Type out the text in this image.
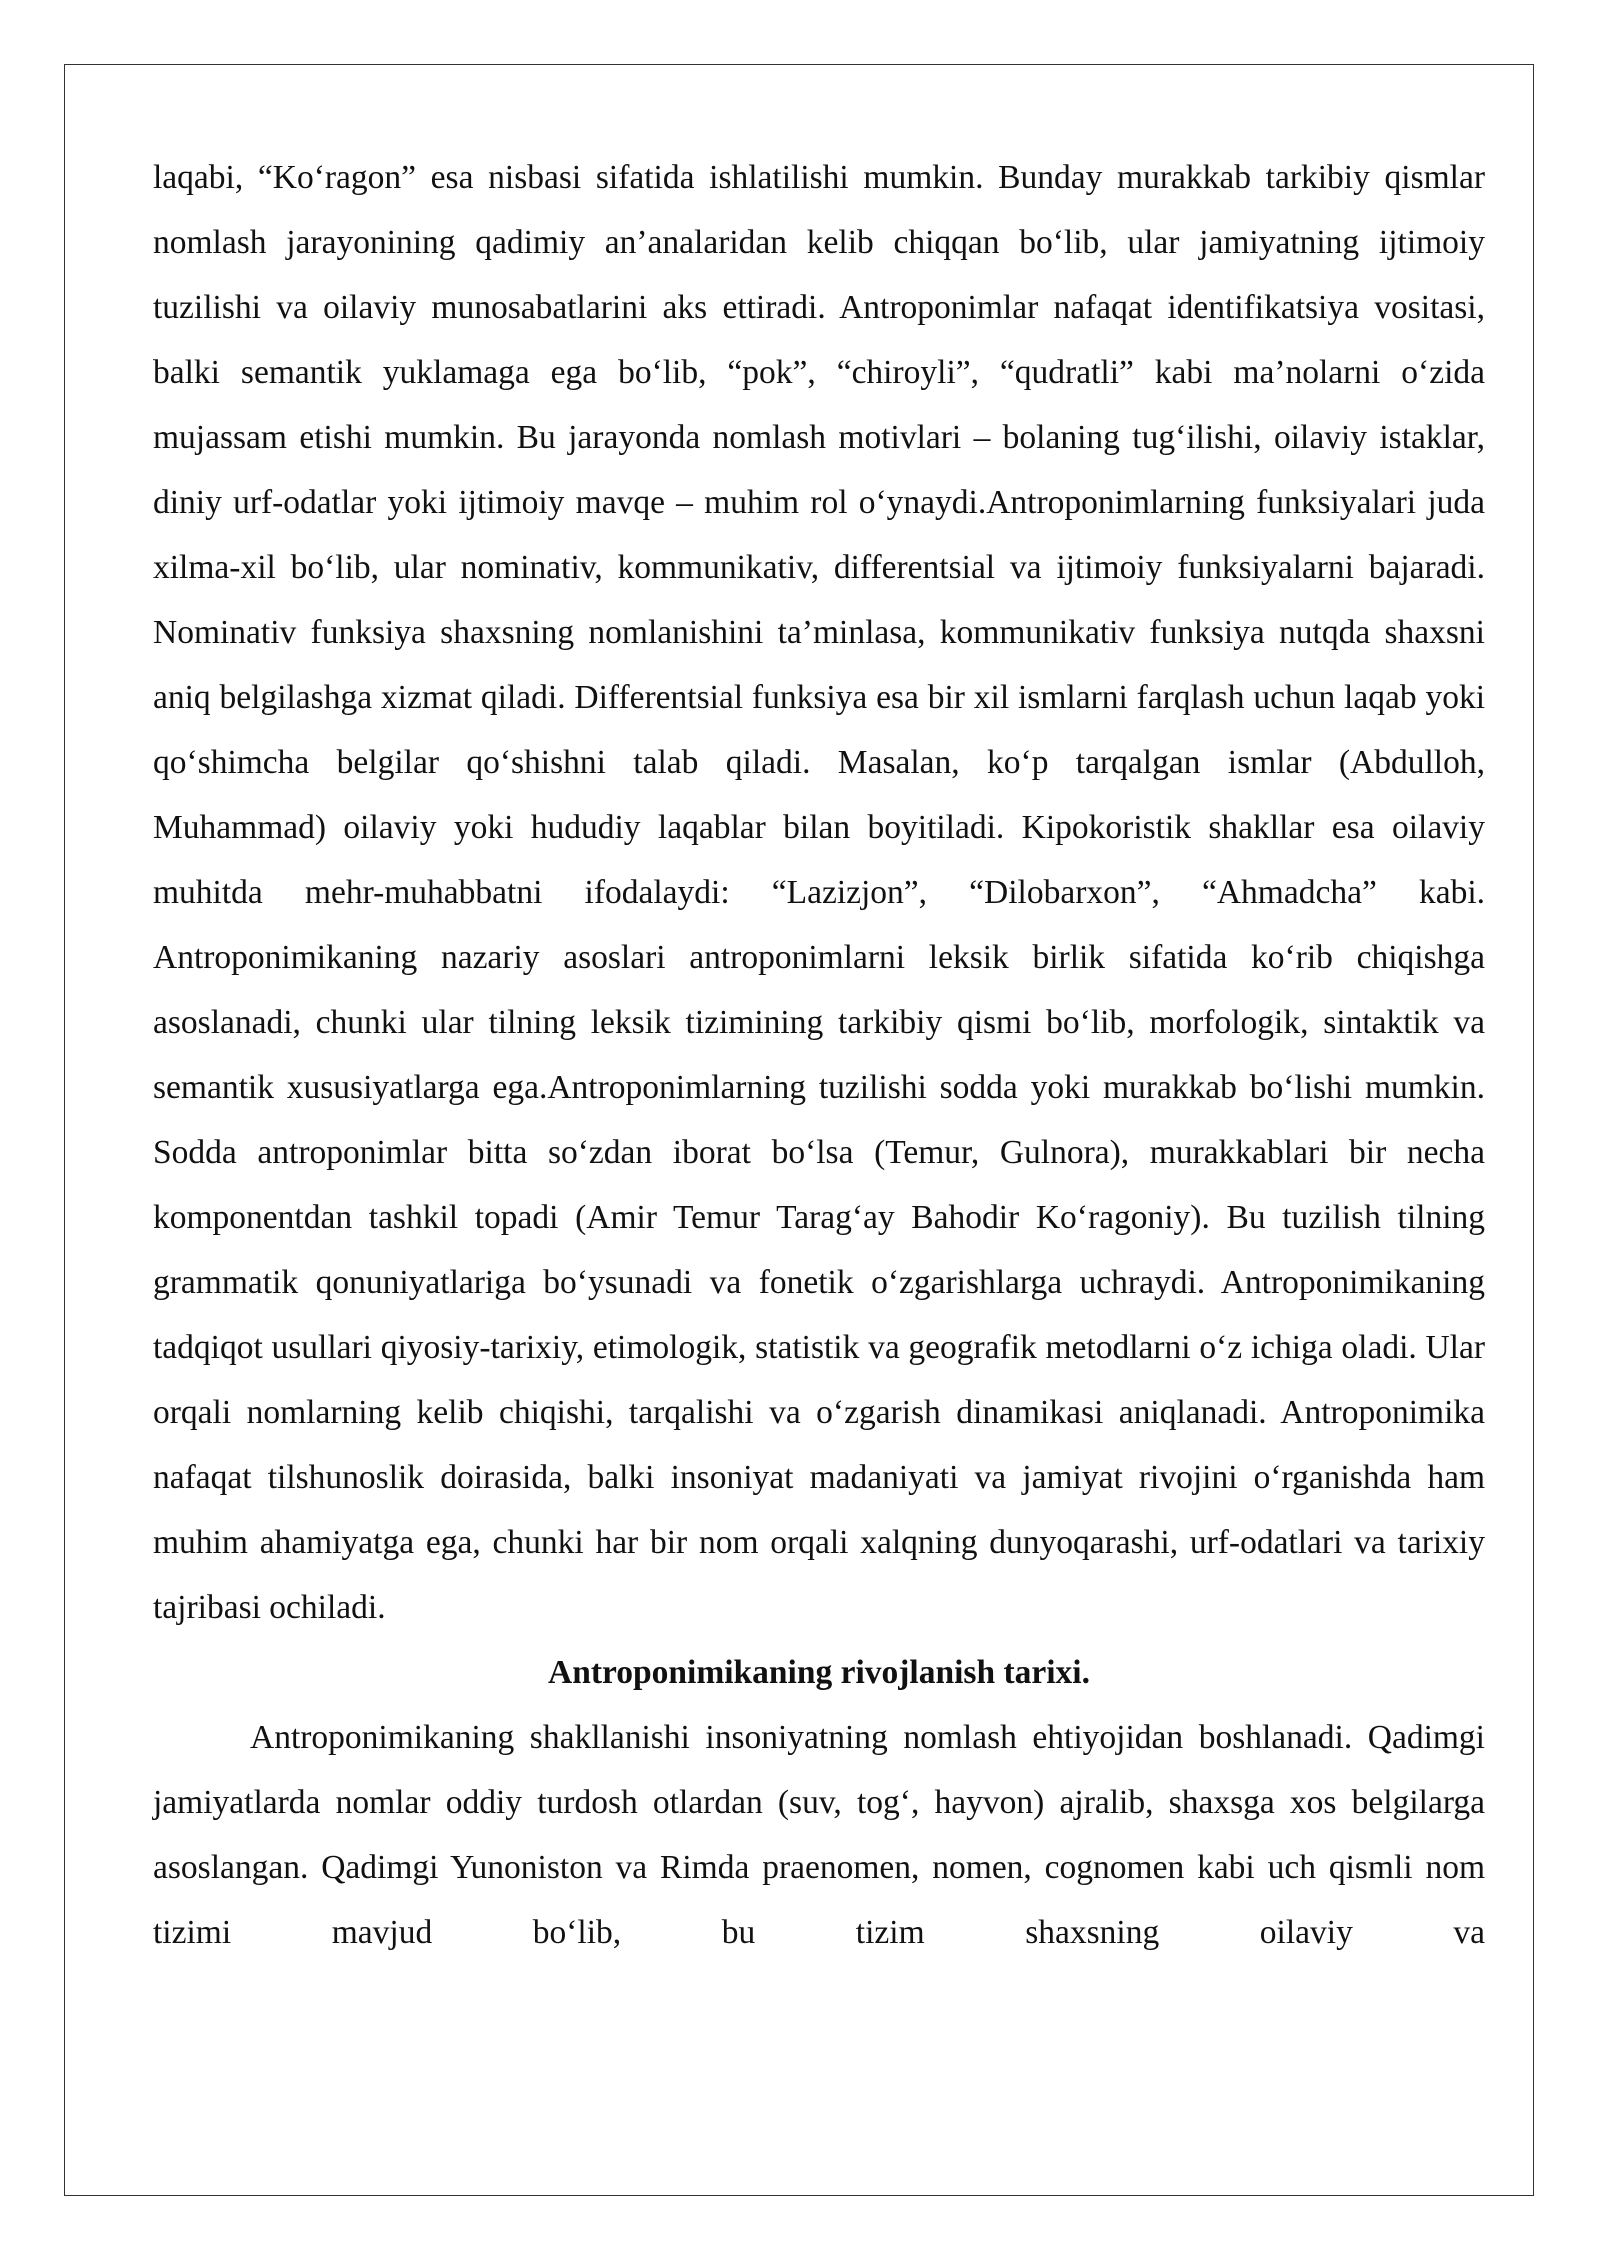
laqabi, “Koʻragon” esa nisbasi sifatida ishlatilishi mumkin. Bunday murakkab tarkibiy qismlar nomlash jarayonining qadimiy an’analaridan kelib chiqqan boʻlib, ular jamiyatning ijtimoiy tuzilishi va oilaviy munosabatlarini aks ettiradi. Antroponimlar nafaqat identifikatsiya vositasi, balki semantik yuklamaga ega boʻlib, “pok”, “chiroyli”, “qudratli” kabi ma’nolarni oʻzida mujassam etishi mumkin. Bu jarayonda nomlash motivlari – bolaning tugʻilishi, oilaviy istaklar, diniy urf-odatlar yoki ijtimoiy mavqe – muhim rol oʻynaydi.Antroponimlarning funksiyalari juda xilma-xil boʻlib, ular nominativ, kommunikativ, differentsial va ijtimoiy funksiyalarni bajaradi. Nominativ funksiya shaxsning nomlanishini ta’minlasa, kommunikativ funksiya nutqda shaxsni aniq belgilashga xizmat qiladi. Differentsial funksiya esa bir xil ismlarni farqlash uchun laqab yoki qoʻshimcha belgilar qoʻshishni talab qiladi. Masalan, koʻp tarqalgan ismlar (Abdulloh, Muhammad) oilaviy yoki hududiy laqablar bilan boyitiladi. Kipokoristik shakllar esa oilaviy muhitda mehr-muhabbatni ifodalaydi: “Lazizjon”, “Dilobarxon”, “Ahmadcha” kabi. Antroponimikaning nazariy asoslari antroponimlarni leksik birlik sifatida koʻrib chiqishga asoslanadi, chunki ular tilning leksik tizimining tarkibiy qismi boʻlib, morfologik, sintaktik va semantik xususiyatlarga ega.Antroponimlarning tuzilishi sodda yoki murakkab boʻlishi mumkin. Sodda antroponimlar bitta soʻzdan iborat boʻlsa (Temur, Gulnora), murakkablari bir necha komponentdan tashkil topadi (Amir Temur Taragʻay Bahodir Koʻragoniy). Bu tuzilish tilning grammatik qonuniyatlariga boʻysunadi va fonetik oʻzgarishlarga uchraydi. Antroponimikaning tadqiqot usullari qiyosiy-tarixiy, etimologik, statistik va geografik metodlarni oʻz ichiga oladi. Ular orqali nomlarning kelib chiqishi, tarqalishi va oʻzgarish dinamikasi aniqlanadi. Antroponimika nafaqat tilshunoslik doirasida, balki insoniyat madaniyati va jamiyat rivojini oʻrganishda ham muhim ahamiyatga ega, chunki har bir nom orqali xalqning dunyoqarashi, urf-odatlari va tarixiy tajribasi ochiladi.

Antroponimikaning rivojlanish tarixi.

Antroponimikaning shakllanishi insoniyatning nomlash ehtiyojidan boshlanadi. Qadimgi jamiyatlarda nomlar oddiy turdosh otlardan (suv, togʻ, hayvon) ajralib, shaxsga xos belgilarga asoslangan. Qadimgi Yunoniston va Rimda praenomen, nomen, cognomen kabi uch qismli nom tizimi mavjud boʻlib, bu tizim shaxsning oilaviy va
